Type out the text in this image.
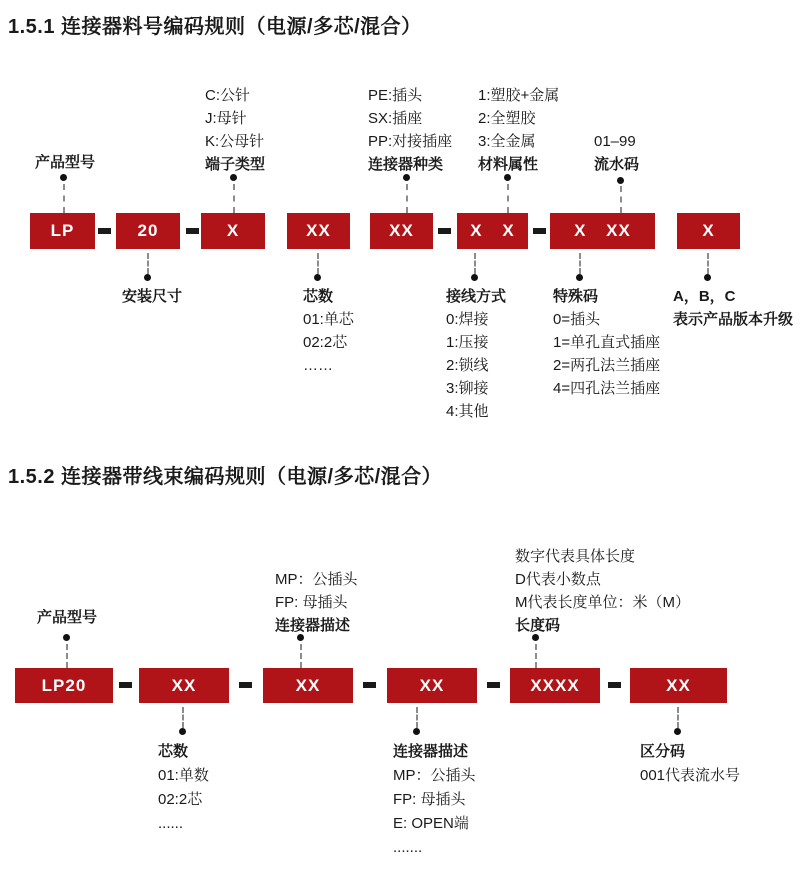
1.5.1 连接器料号编码规则（电源/多芯/混合）
产品型号
C:公针
J:母针
K:公母针
端子类型
PE:插头
SX:插座
PP:对接插座
连接器种类
1:塑胶+金属
2:全塑胶
3:全金属
材料属性
01–99
流水码
LP	20	X	XX	XX	X X	X XX	X
安装尺寸	芯数
01:单芯
02:2芯
……
接线方式
0:焊接
1:压接
2:锁线
3:铆接
4:其他
特殊码
0=插头
1=单孔直式插座
2=两孔法兰插座
4=四孔法兰插座
A，B，C
表示产品版本升级
1.5.2 连接器带线束编码规则（电源/多芯/混合）
产品型号
MP：公插头
FP: 母插头
连接器描述
数字代表具体长度
D代表小数点
M代表长度单位：米（M）
长度码
LP20	XX	XX	XX	XXXX	XX
芯数
01:单数
02:2芯
......
连接器描述
MP：公插头
FP: 母插头
E: OPEN端
.......
区分码
001代表流水号
